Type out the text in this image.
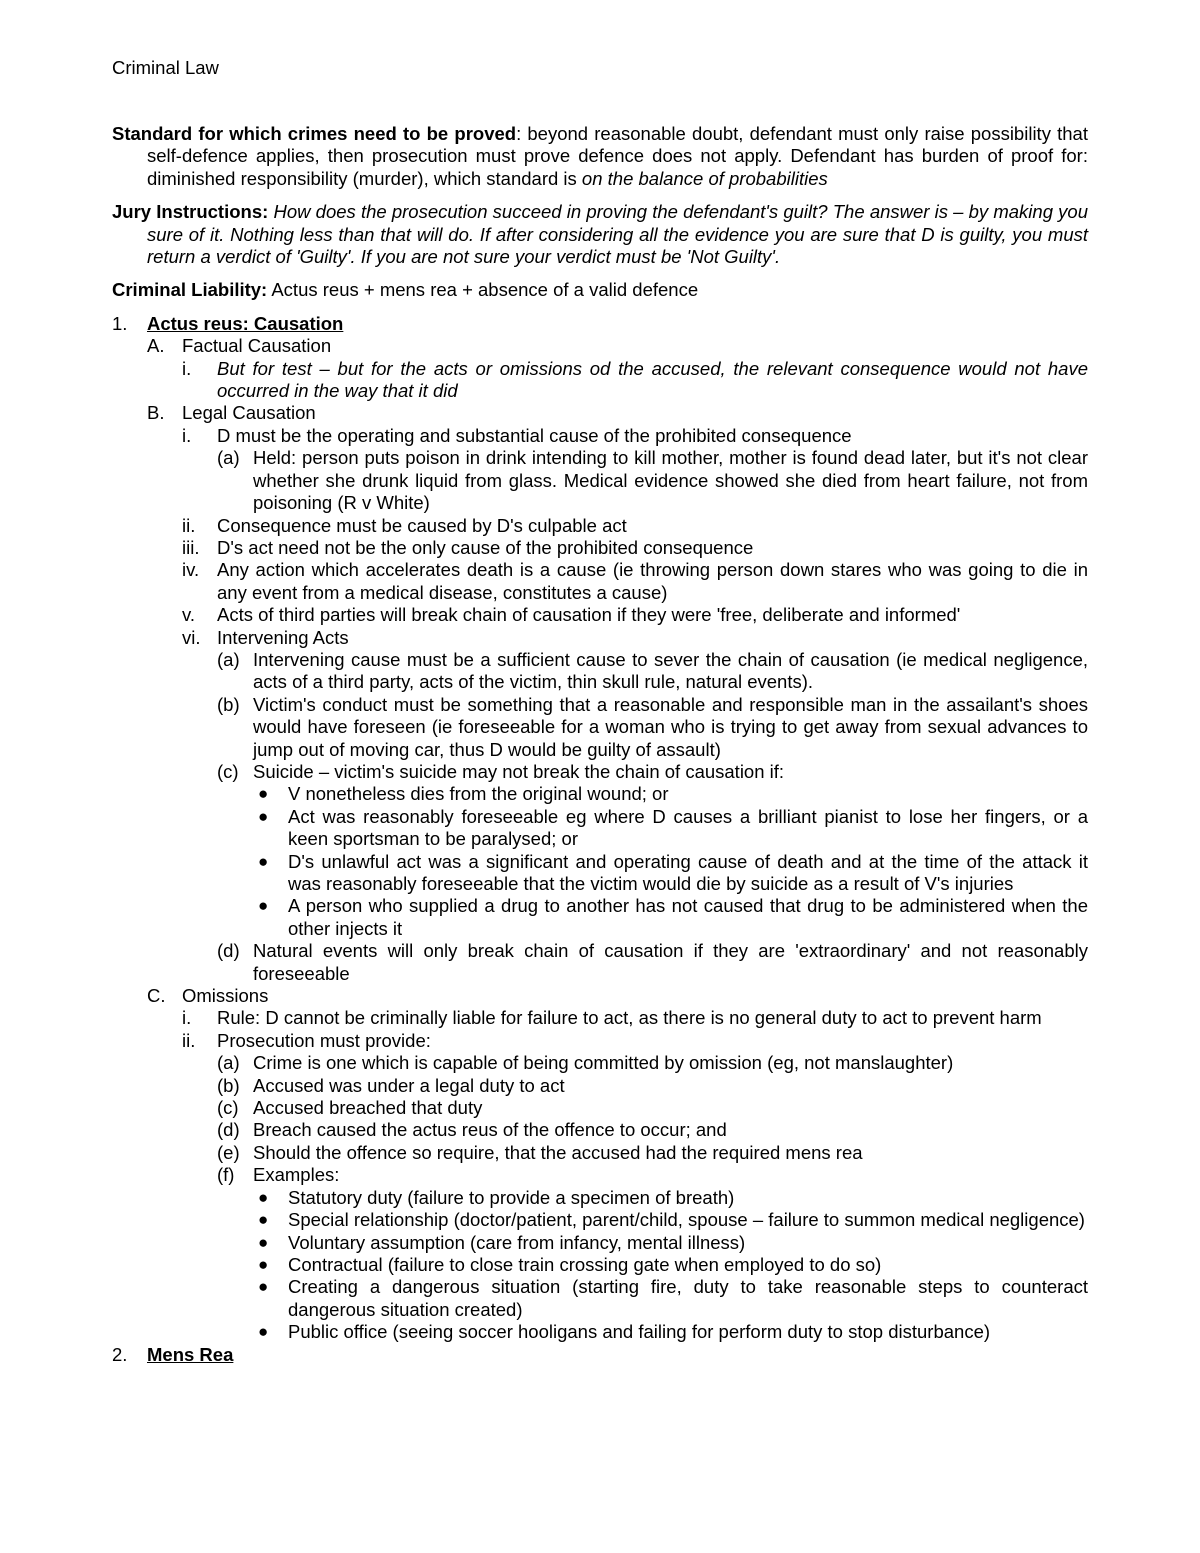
Criminal Law
Standard for which crimes need to be proved: beyond reasonable doubt, defendant must only raise possibility that self-defence applies, then prosecution must prove defence does not apply. Defendant has burden of proof for: diminished responsibility (murder), which standard is on the balance of probabilities
Jury Instructions: How does the prosecution succeed in proving the defendant's guilt? The answer is – by making you sure of it. Nothing less than that will do. If after considering all the evidence you are sure that D is guilty, you must return a verdict of 'Guilty'. If you are not sure your verdict must be 'Not Guilty'.
Criminal Liability: Actus reus + mens rea + absence of a valid defence
1. Actus reus: Causation
A. Factual Causation
i. But for test – but for the acts or omissions od the accused, the relevant consequence would not have occurred in the way that it did
B. Legal Causation
i. D must be the operating and substantial cause of the prohibited consequence
(a) Held: person puts poison in drink intending to kill mother, mother is found dead later, but it's not clear whether she drunk liquid from glass. Medical evidence showed she died from heart failure, not from poisoning (R v White)
ii. Consequence must be caused by D's culpable act
iii. D's act need not be the only cause of the prohibited consequence
iv. Any action which accelerates death is a cause (ie throwing person down stares who was going to die in any event from a medical disease, constitutes a cause)
v. Acts of third parties will break chain of causation if they were 'free, deliberate and informed'
vi. Intervening Acts
(a) Intervening cause must be a sufficient cause to sever the chain of causation (ie medical negligence, acts of a third party, acts of the victim, thin skull rule, natural events).
(b) Victim's conduct must be something that a reasonable and responsible man in the assailant's shoes would have foreseen (ie foreseeable for a woman who is trying to get away from sexual advances to jump out of moving car, thus D would be guilty of assault)
(c) Suicide – victim's suicide may not break the chain of causation if:
● V nonetheless dies from the original wound; or
● Act was reasonably foreseeable eg where D causes a brilliant pianist to lose her fingers, or a keen sportsman to be paralysed; or
● D's unlawful act was a significant and operating cause of death and at the time of the attack it was reasonably foreseeable that the victim would die by suicide as a result of V's injuries
● A person who supplied a drug to another has not caused that drug to be administered when the other injects it
(d) Natural events will only break chain of causation if they are 'extraordinary' and not reasonably foreseeable
C. Omissions
i. Rule: D cannot be criminally liable for failure to act, as there is no general duty to act to prevent harm
ii. Prosecution must provide:
(a) Crime is one which is capable of being committed by omission (eg, not manslaughter)
(b) Accused was under a legal duty to act
(c) Accused breached that duty
(d) Breach caused the actus reus of the offence to occur; and
(e) Should the offence so require, that the accused had the required mens rea
(f) Examples:
● Statutory duty (failure to provide a specimen of breath)
● Special relationship (doctor/patient, parent/child, spouse – failure to summon medical negligence)
● Voluntary assumption (care from infancy, mental illness)
● Contractual (failure to close train crossing gate when employed to do so)
● Creating a dangerous situation (starting fire, duty to take reasonable steps to counteract dangerous situation created)
● Public office (seeing soccer hooligans and failing for perform duty to stop disturbance)
2. Mens Rea
